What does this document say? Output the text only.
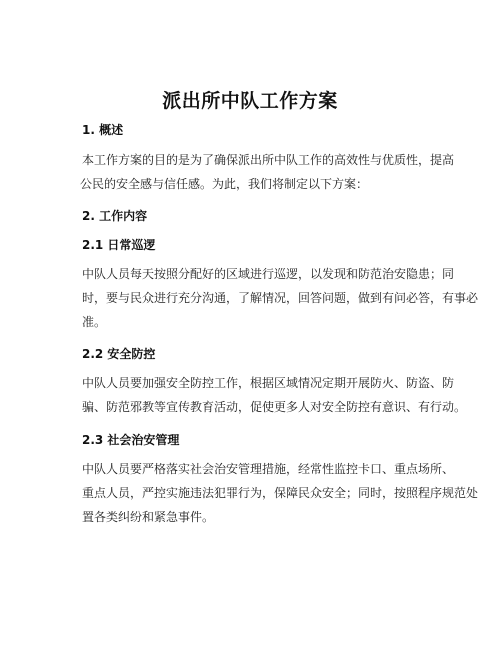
派出所中队工作方案
1. 概述

本工作方案的目的是为了确保派出所中队工作的高效性与优质性，提高
公民的安全感与信任感。为此，我们将制定以下方案：

2. 工作内容
2.1 日常巡逻

中队人员每天按照分配好的区域进行巡逻，以发现和防范治安隐患；同
时，要与民众进行充分沟通，了解情况，回答问题，做到有问必答，有事必
准。

2.2 安全防控

中队人员要加强安全防控工作，根据区域情况定期开展防火、防盗、防
骗、防范邪教等宣传教育活动，促使更多人对安全防控有意识、有行动。

2.3 社会治安管理

中队人员要严格落实社会治安管理措施，经常性监控卡口、重点场所、
重点人员，严控实施违法犯罪行为，保障民众安全；同时，按照程序规范处
置各类纠纷和紧急事件。
